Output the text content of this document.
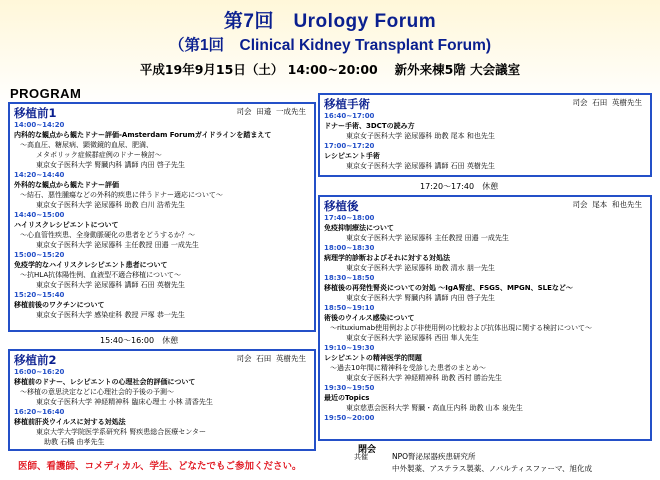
第7回　Urology Forum
（第1回　Clinical Kidney Transplant Forum)
平成19年9月15日（土） 14:00~20:00　 新外来棟5階 大会議室
PROGRAM
移植前1	司会  田邉  一成先生
14:00~14:20
内科的な観点から観たドナー評価-Amsterdam Forumガイドラインを踏まえて
～高血圧、糖尿病、顕微鏡的血尿、肥満、
メタボリック症候群症例のドナー検討～
東京女子医科大学 腎臓内科 講師 内田 啓子先生
14:20~14:40
外科的な観点から観たドナー評価
～結石、悪性腫瘍などの外科的疾患に伴うドナー適応について～
東京女子医科大学 泌尿器科 助教 白川 浩希先生
14:40~15:00
ハイリスクレシピエントについて
～心血管性疾患、全身動脈硬化の患者をどうするか？～
東京女子医科大学 泌尿器科 主任教授 田邉 一成先生
15:00~15:20
免疫学的なハイリスクレシピエント患者について
～抗HLA抗体陽性例、血液型不適合移植について～
東京女子医科大学 泌尿器科 講師 石田 英樹先生
15:20~15:40
移植前後のワクチンについて
東京女子医科大学 感染症科 教授 戸塚 恭一先生
15:40～16:00　休憩
移植前2	司会  石田  英樹先生
16:00~16:20
移植前のドナー、レシピエントの心理社会的評価について
～移植の意思決定などに心理社会的予後の予測～
東京女子医科大学 神経精神科 臨床心理士 小林 清香先生
16:20~16:40
移植前肝炎ウイルスに対する対処法
東京大学大学院医学系研究科 腎疾患総合医療センター
助教 石橋 由孝先生
移植手術	司会  石田  英樹先生
16:40~17:00
ドナー手術、3DCTの読み方
東京女子医科大学 泌尿器科 助教 尾本 和也先生
17:00~17:20
レシピエント手術
東京女子医科大学 泌尿器科 講師 石田 英樹先生
17:20～17:40　休憩
移植後	司会  尾本  和也先生
17:40~18:00
免疫抑制療法について
東京女子医科大学 泌尿器科 主任教授 田邉 一成先生
18:00~18:30
病理学的診断およびそれに対する対処法
東京女子医科大学 泌尿器科 助教 清水 朋一先生
18:30~18:50
移植後の再発性腎炎についての対処 ～IgA腎症、FSGS、MPGN、SLEなど～
東京女子医科大学 腎臓内科 講師 内田 啓子先生
18:50~19:10
術後のウイルス感染について
～rituxiumab使用例および非使用例の比較および抗体出現に関する検討について～
東京女子医科大学 泌尿器科 西田 隼人先生
19:10~19:30
レシピエントの精神医学的問題
～過去10年間に精神科を受診した患者のまとめ～
東京女子医科大学 神経精神科 助教 西村 勝治先生
19:30~19:50
最近のTopics
東京慈恵会医科大学 腎臓・高血圧内科 助教 山本 泉先生
19:50~20:00
閉会
共催	NPO腎泌尿器疾患研究所
中外製薬、アステラス製薬、ノバルティスファーマ、旭化成
医師、看護師、コメディカル、学生、どなたでもご参加ください。
